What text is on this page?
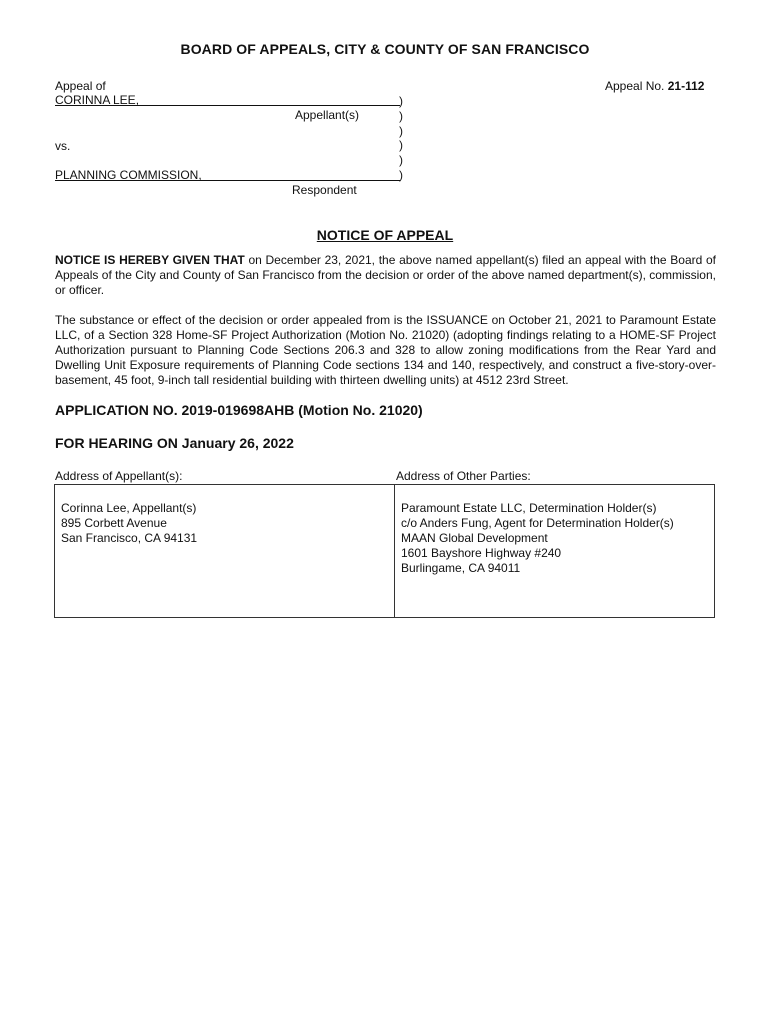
BOARD OF APPEALS, CITY & COUNTY OF SAN FRANCISCO
Appeal of
CORINNA LEE,
Appellant(s)
vs.
PLANNING COMMISSION,
Respondent
)
)
)
)
)
)
Appeal No. 21-112
NOTICE OF APPEAL

NOTICE IS HEREBY GIVEN THAT on December 23, 2021, the above named appellant(s) filed an appeal with the Board of Appeals of the City and County of San Francisco from the decision or order of the above named department(s), commission, or officer.

The substance or effect of the decision or order appealed from is the ISSUANCE on October 21, 2021 to Paramount Estate LLC, of a Section 328 Home-SF Project Authorization (Motion No. 21020) (adopting findings relating to a HOME-SF Project Authorization pursuant to Planning Code Sections 206.3 and 328 to allow zoning modifications from the Rear Yard and Dwelling Unit Exposure requirements of Planning Code sections 134 and 140, respectively, and construct a five-story-over-basement, 45 foot, 9-inch tall residential building with thirteen dwelling units) at 4512 23rd Street.

APPLICATION NO. 2019-019698AHB (Motion No. 21020)
FOR HEARING ON January 26, 2022
Address of Appellant(s):	Address of Other Parties:
Corinna Lee, Appellant(s)
895 Corbett Avenue
San Francisco, CA 94131
Paramount Estate LLC, Determination Holder(s)
c/o Anders Fung, Agent for Determination Holder(s)
MAAN Global Development
1601 Bayshore Highway #240
Burlingame, CA 94011
